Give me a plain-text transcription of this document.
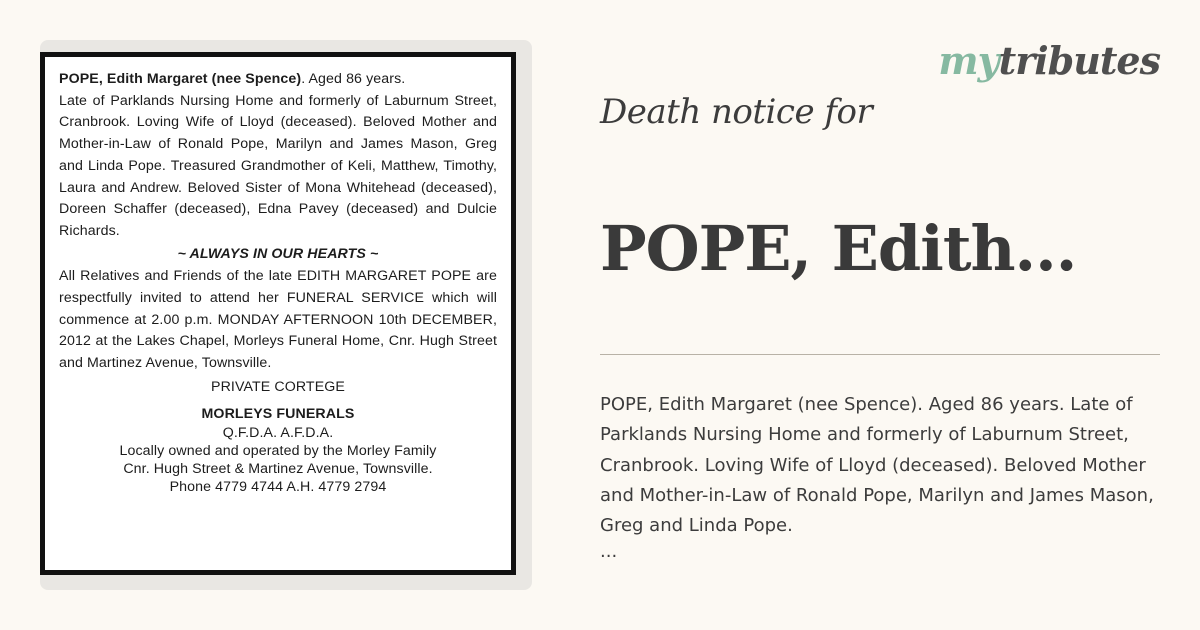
POPE, Edith Margaret (nee Spence). Aged 86 years.

Late of Parklands Nursing Home and formerly of Laburnum Street, Cranbrook. Loving Wife of Lloyd (deceased). Beloved Mother and Mother-in-Law of Ronald Pope, Marilyn and James Mason, Greg and Linda Pope. Treasured Grandmother of Keli, Matthew, Timothy, Laura and Andrew. Beloved Sister of Mona Whitehead (deceased), Doreen Schaffer (deceased), Edna Pavey (deceased) and Dulcie Richards.

~ ALWAYS IN OUR HEARTS ~

All Relatives and Friends of the late EDITH MARGARET POPE are respectfully invited to attend her FUNERAL SERVICE which will commence at 2.00 p.m. MONDAY AFTERNOON 10th DECEMBER, 2012 at the Lakes Chapel, Morleys Funeral Home, Cnr. Hugh Street and Martinez Avenue, Townsville.

PRIVATE CORTEGE
MORLEYS FUNERALS
Q.F.D.A. A.F.D.A.
Locally owned and operated by the Morley Family
Cnr. Hugh Street & Martinez Avenue, Townsville.
Phone 4779 4744 A.H. 4779 2794
mytributes
Death notice for
POPE, Edith...
POPE, Edith Margaret (nee Spence). Aged 86 years. Late of Parklands Nursing Home and formerly of Laburnum Street, Cranbrook. Loving Wife of Lloyd (deceased). Beloved Mother and Mother-in-Law of Ronald Pope, Marilyn and James Mason, Greg and Linda Pope.
...
